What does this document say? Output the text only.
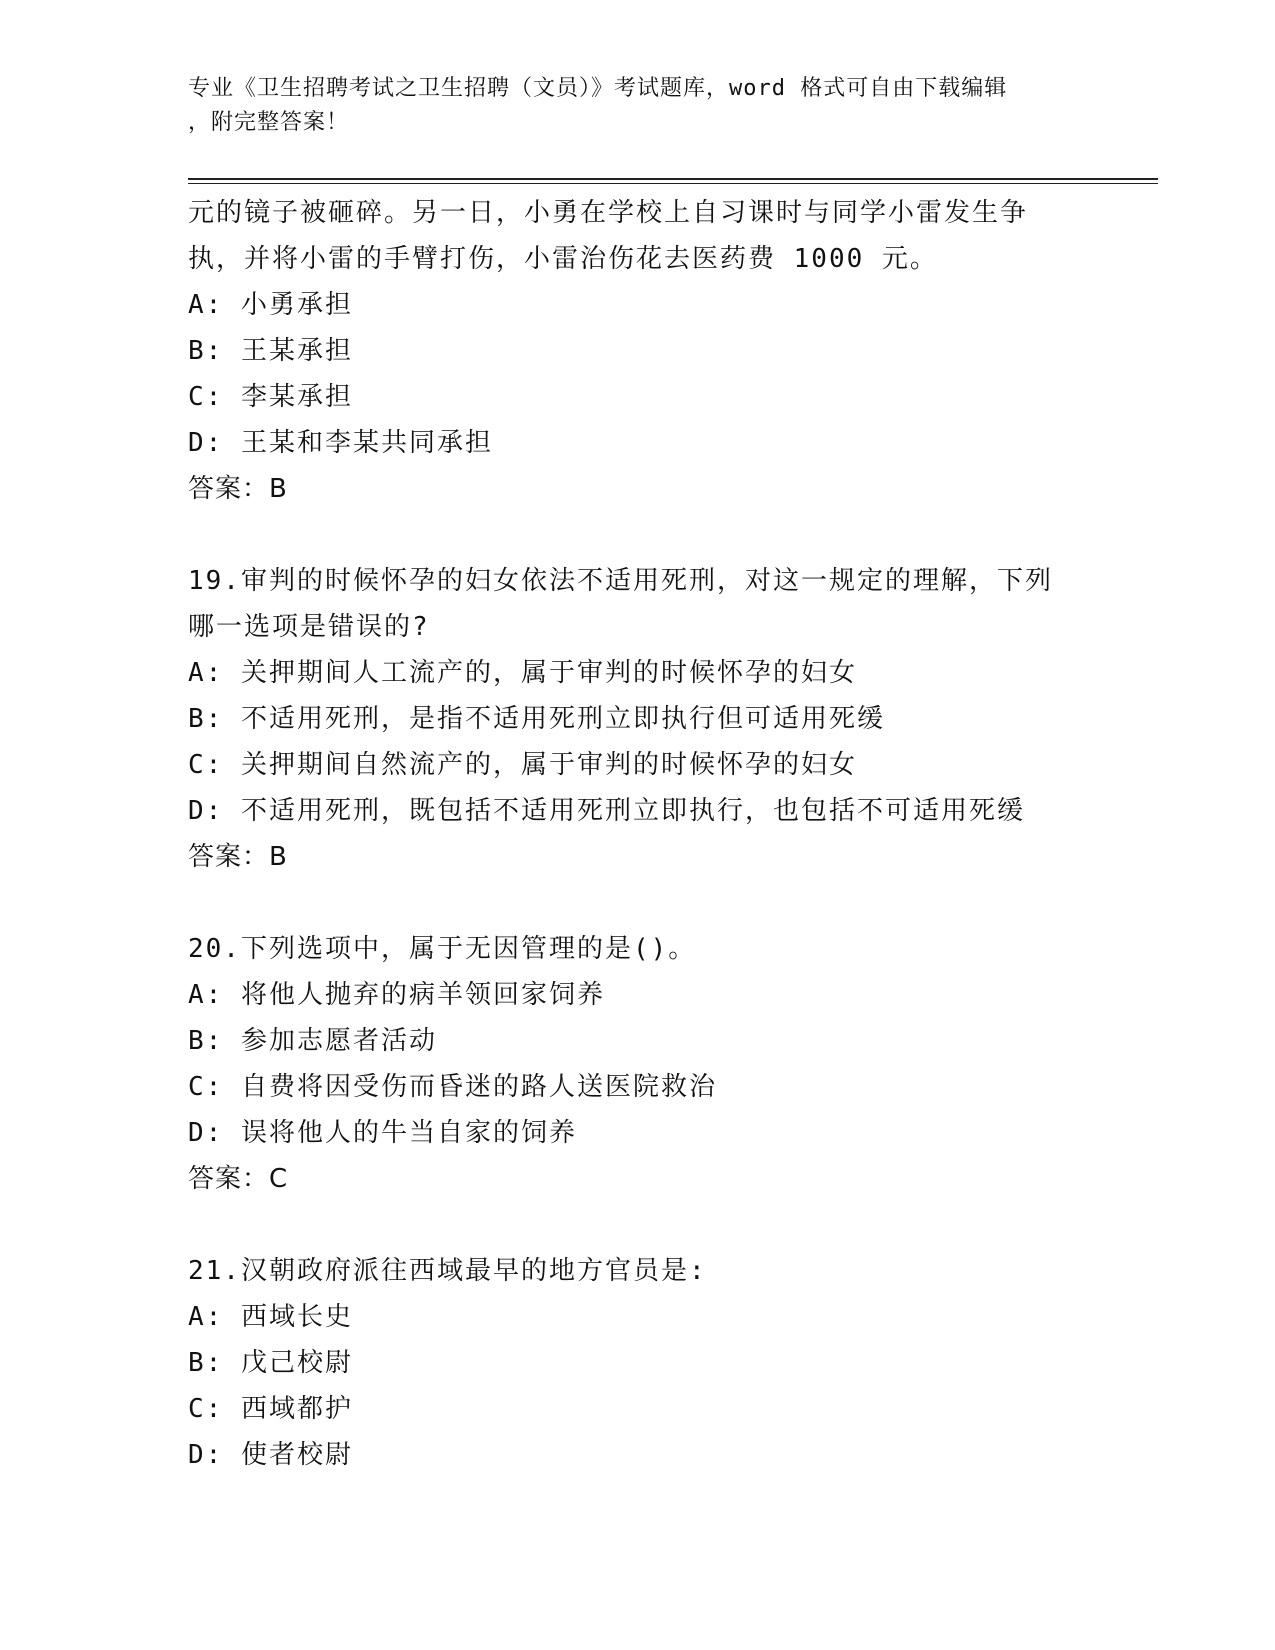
专业《卫生招聘考试之卫生招聘（文员）》考试题库，word 格式可自由下载编辑
，附完整答案！
元的镜子被砸碎。另一日，小勇在学校上自习课时与同学小雷发生争
执，并将小雷的手臂打伤，小雷治伤花去医药费 1000 元。
A: 小勇承担
B: 王某承担
C: 李某承担
D: 王某和李某共同承担
答案：B
19.审判的时候怀孕的妇女依法不适用死刑，对这一规定的理解，下列
哪一选项是错误的?
A: 关押期间人工流产的，属于审判的时候怀孕的妇女
B: 不适用死刑，是指不适用死刑立即执行但可适用死缓
C: 关押期间自然流产的，属于审判的时候怀孕的妇女
D: 不适用死刑，既包括不适用死刑立即执行，也包括不可适用死缓
答案：B
20.下列选项中，属于无因管理的是()。
A: 将他人抛弃的病羊领回家饲养
B: 参加志愿者活动
C: 自费将因受伤而昏迷的路人送医院救治
D: 误将他人的牛当自家的饲养
答案：C
21.汉朝政府派往西域最早的地方官员是:
A: 西域长史
B: 戊己校尉
C: 西域都护
D: 使者校尉
